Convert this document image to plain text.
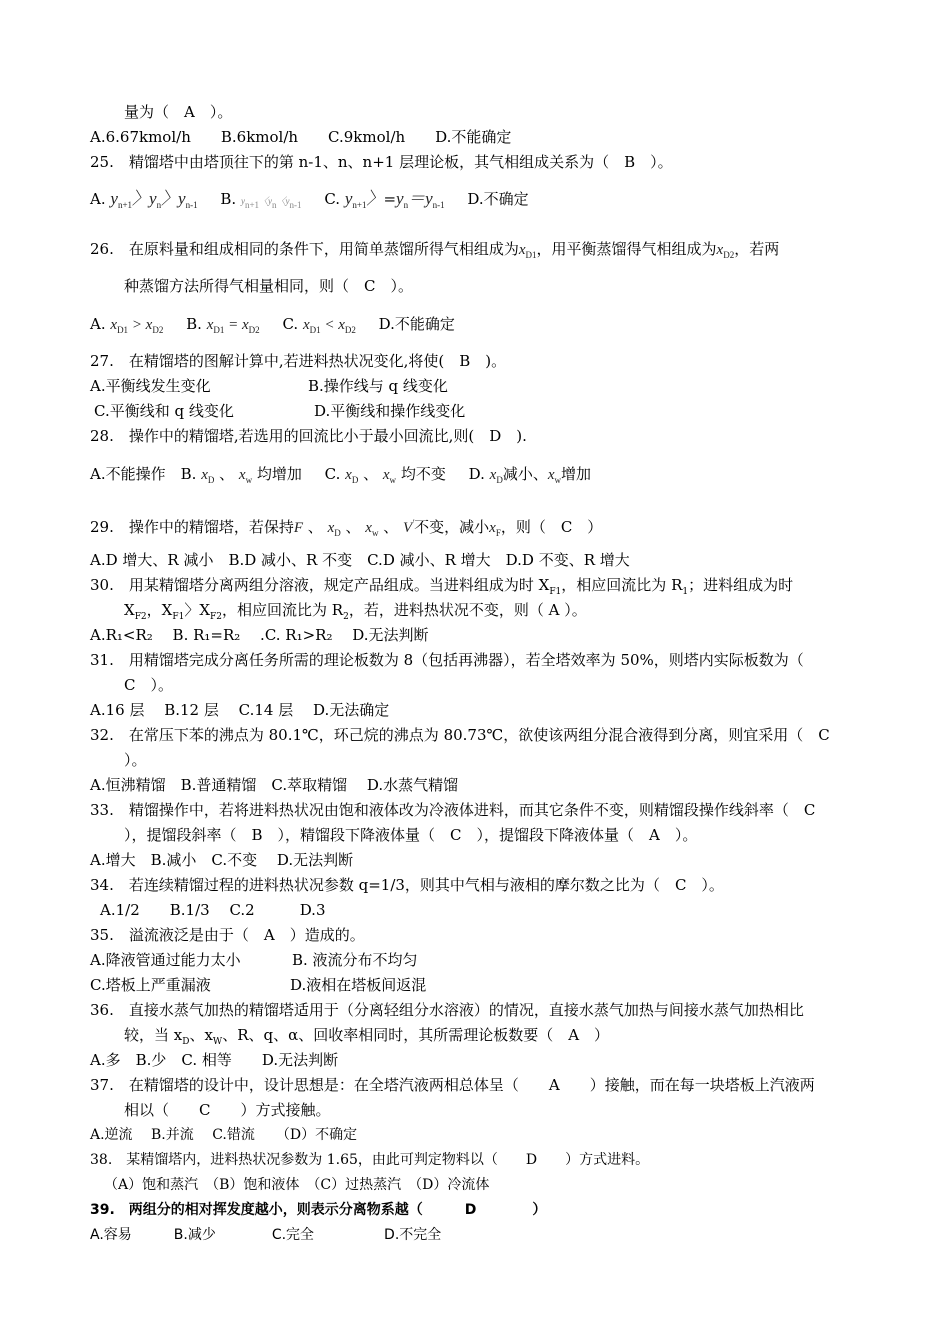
量为（　A　）。
A.6.67kmol/h　　B.6kmol/h　　C.9kmol/h　　D.不能确定
25.　精馏塔中由塔顶往下的第 n-1、n、n+1 层理论板，其气相组成关系为（　B　）。
A. $y_{n+1}$〉$y_n$〉$y_{n-1}$ B. yn+1〈yn〈yn-1 C. $y_{n+1}$〉$=y_n=y_{n-1}$ D.不确定
26.　在原料量和组成相同的条件下，用简单蒸馏所得气相组成为$x_{D1}$，用平衡蒸馏得气相组成为$x_{D2}$，若两
种蒸馏方法所得气相量相同，则（　C　）。
A. $x_{D1} > x_{D2}$ B. $x_{D1} = x_{D2}$ C. $x_{D1} < x_{D2}$ D.不能确定
27.　在精馏塔的图解计算中,若进料热状况变化,将使(　B　)。
A.平衡线发生变化	B.操作线与 q 线变化
C.平衡线和 q 线变化	D.平衡线和操作线变化
28.　操作中的精馏塔,若选用的回流比小于最小回流比,则(　D　).
A.不能操作　B. $x_D$ 、 $x_w$ 均增加 C. $x_D$ 、 $x_w$ 均不变 D. $x_D$减小、$x_w$增加
29.　操作中的精馏塔，若保持F 、 $x_D$ 、 $x_w$ 、 V'不变，减小$x_F$，则（　C　）
A.D 增大、R 减小　B.D 减小、R 不变　C.D 减小、R 增大　D.D 不变、R 增大
30.　用某精馏塔分离两组分溶液，规定产品组成。当进料组成为时 $X_{F1}$，相应回流比为 $R_1$；进料组成为时
$X_{F2}$，$X_{F1}$〉$X_{F2}$，相应回流比为 $R_2$，若，进料热状况不变，则（ A ）。
A.R₁<R₂　 B. R₁=R₂　 .C. R₁>R₂　 D.无法判断
31.　用精馏塔完成分离任务所需的理论板数为 8（包括再沸器），若全塔效率为 50%，则塔内实际板数为（
C　）。
A.16 层　 B.12 层　 C.14 层　 D.无法确定
32.　在常压下苯的沸点为 80.1℃，环己烷的沸点为 80.73℃，欲使该两组分混合液得到分离，则宜采用（　C
）。
A.恒沸精馏　B.普通精馏　C.萃取精馏　 D.水蒸气精馏
33.　精馏操作中，若将进料热状况由饱和液体改为冷液体进料，而其它条件不变，则精馏段操作线斜率（　C
），提馏段斜率（　B　），精馏段下降液体量（　C　），提馏段下降液体量（　A　）。
A.增大　B.减小　C.不变　 D.无法判断
34.　若连续精馏过程的进料热状况参数 q=1/3，则其中气相与液相的摩尔数之比为（　C　）。
A.1/2　　B.1/3　 C.2　　　D.3
35.　溢流液泛是由于（　A　）造成的。
A.降液管通过能力太小	B. 液流分布不均匀
C.塔板上严重漏液	D.液相在塔板间返混
36.　直接水蒸气加热的精馏塔适用于（分离轻组分水溶液）的情况，直接水蒸气加热与间接水蒸气加热相比
较，当 $x_D$、$x_W$、R、q、α、回收率相同时，其所需理论板数要（　A　）
A.多　B.少　C. 相等　　D.无法判断
37.　在精馏塔的设计中，设计思想是：在全塔汽液两相总体呈（　　A　　）接触，而在每一块塔板上汽液两
相以（　　C　　）方式接触。
A.逆流　 B.并流　 C.错流　　（D）不确定
38.　某精馏塔内，进料热状况参数为 1.65，由此可判定物料以（　　D　　）方式进料。
（A）饱和蒸汽　（B）饱和液体　（C）过热蒸汽　（D）冷流体
39.　两组分的相对挥发度越小，则表示分离物系越（　　　D　　　　）
A.容易　　　B.减少　　　　C.完全　　　　　D.不完全
